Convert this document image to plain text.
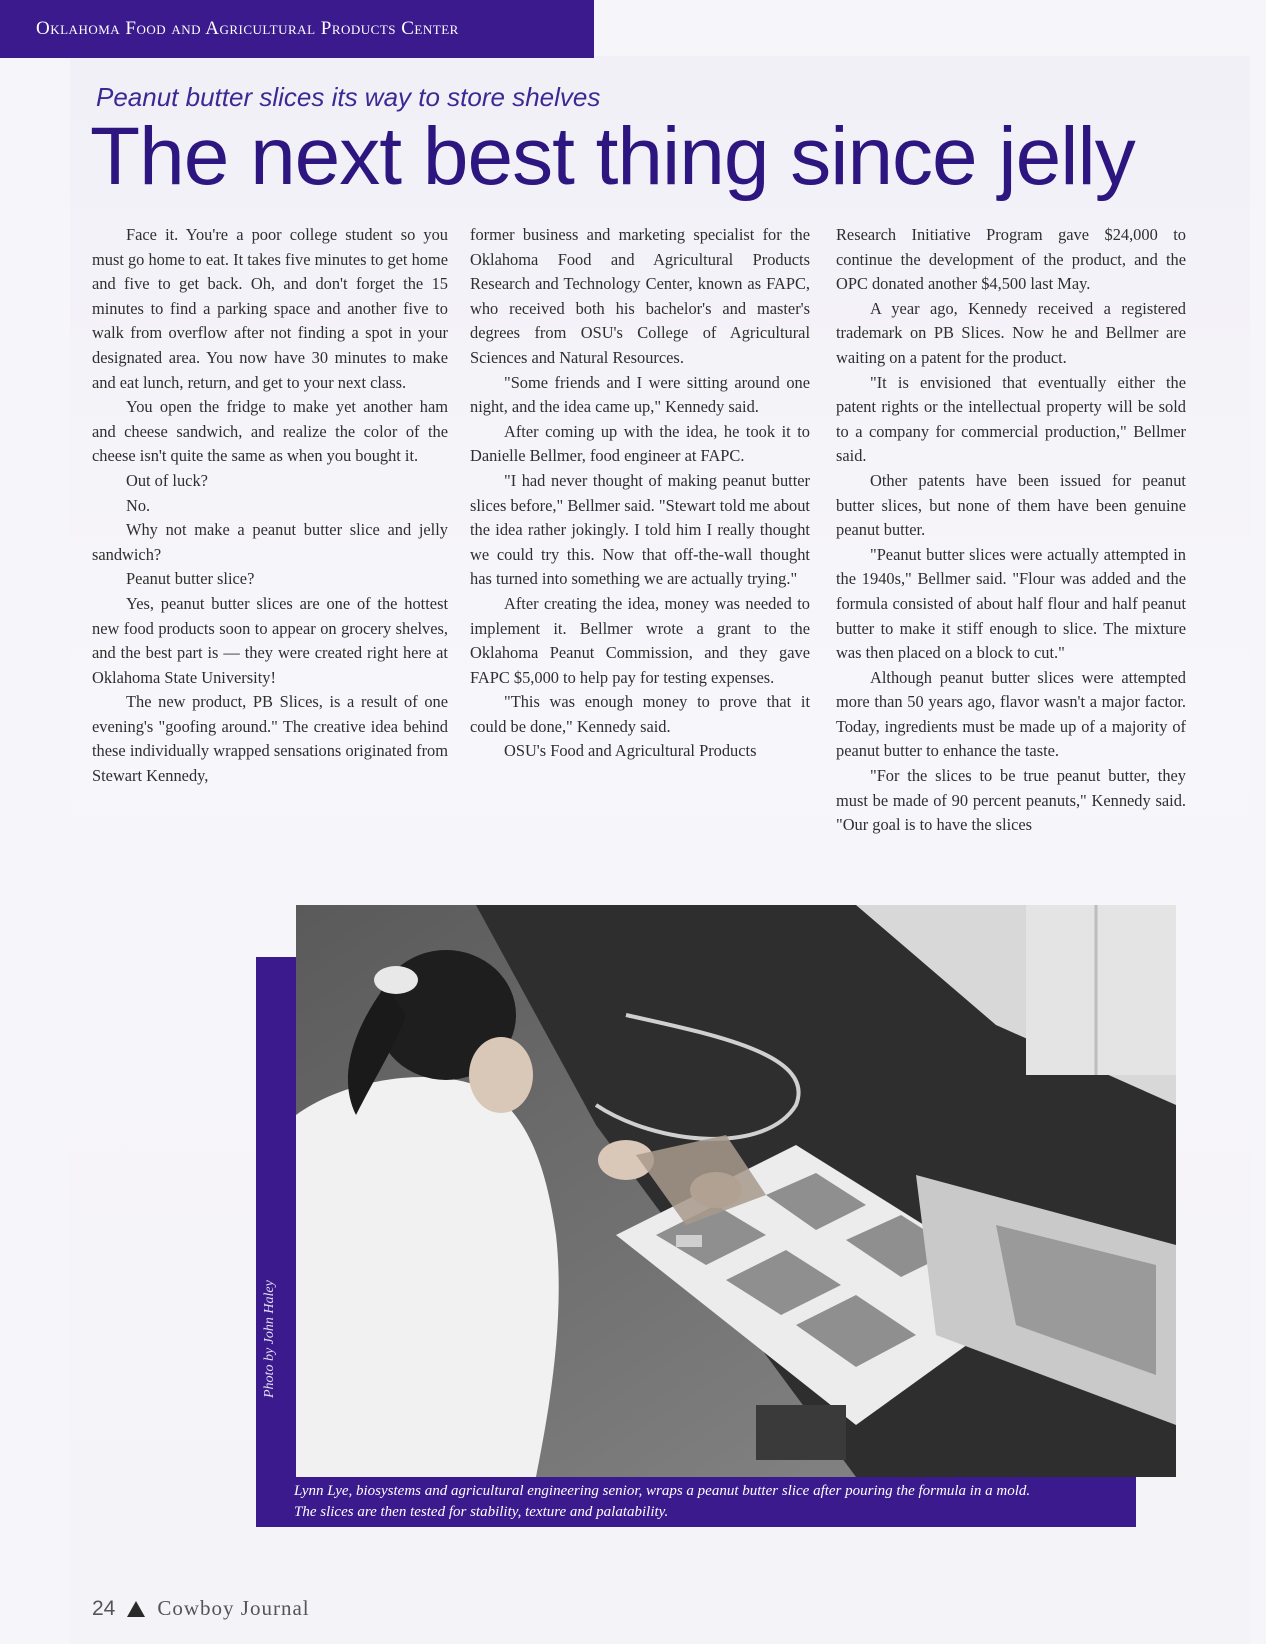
Oklahoma Food and Agricultural Products Center
Peanut butter slices its way to store shelves
The next best thing since jelly

Face it. You're a poor college student so you must go home to eat. It takes five minutes to get home and five to get back. Oh, and don't forget the 15 minutes to find a parking space and another five to walk from overflow after not finding a spot in your designated area. You now have 30 minutes to make and eat lunch, return, and get to your next class.

You open the fridge to make yet another ham and cheese sandwich, and realize the color of the cheese isn't quite the same as when you bought it.

Out of luck?

No.

Why not make a peanut butter slice and jelly sandwich?

Peanut butter slice?

Yes, peanut butter slices are one of the hottest new food products soon to appear on grocery shelves, and the best part is — they were created right here at Oklahoma State University!

The new product, PB Slices, is a result of one evening's "goofing around." The creative idea behind these individually wrapped sensations originated from Stewart Kennedy,

former business and marketing specialist for the Oklahoma Food and Agricultural Products Research and Technology Center, known as FAPC, who received both his bachelor's and master's degrees from OSU's College of Agricultural Sciences and Natural Resources.

"Some friends and I were sitting around one night, and the idea came up," Kennedy said.

After coming up with the idea, he took it to Danielle Bellmer, food engineer at FAPC.

"I had never thought of making peanut butter slices before," Bellmer said. "Stewart told me about the idea rather jokingly. I told him I really thought we could try this. Now that off-the-wall thought has turned into something we are actually trying."

After creating the idea, money was needed to implement it. Bellmer wrote a grant to the Oklahoma Peanut Commission, and they gave FAPC $5,000 to help pay for testing expenses.

"This was enough money to prove that it could be done," Kennedy said.

OSU's Food and Agricultural Products

Research Initiative Program gave $24,000 to continue the development of the product, and the OPC donated another $4,500 last May.

A year ago, Kennedy received a registered trademark on PB Slices. Now he and Bellmer are waiting on a patent for the product.

"It is envisioned that eventually either the patent rights or the intellectual property will be sold to a company for commercial production," Bellmer said.

Other patents have been issued for peanut butter slices, but none of them have been genuine peanut butter.

"Peanut butter slices were actually attempted in the 1940s," Bellmer said. "Flour was added and the formula consisted of about half flour and half peanut butter to make it stiff enough to slice. The mixture was then placed on a block to cut."

Although peanut butter slices were attempted more than 50 years ago, flavor wasn't a major factor. Today, ingredients must be made up of a majority of peanut butter to enhance the taste.

"For the slices to be true peanut butter, they must be made of 90 percent peanuts," Kennedy said. "Our goal is to have the slices

Lynn Lye, biosystems and agricultural engineering senior, wraps a peanut butter slice after pouring the formula in a mold.
The slices are then tested for stability, texture and palatability.
24 Cowboy Journal
